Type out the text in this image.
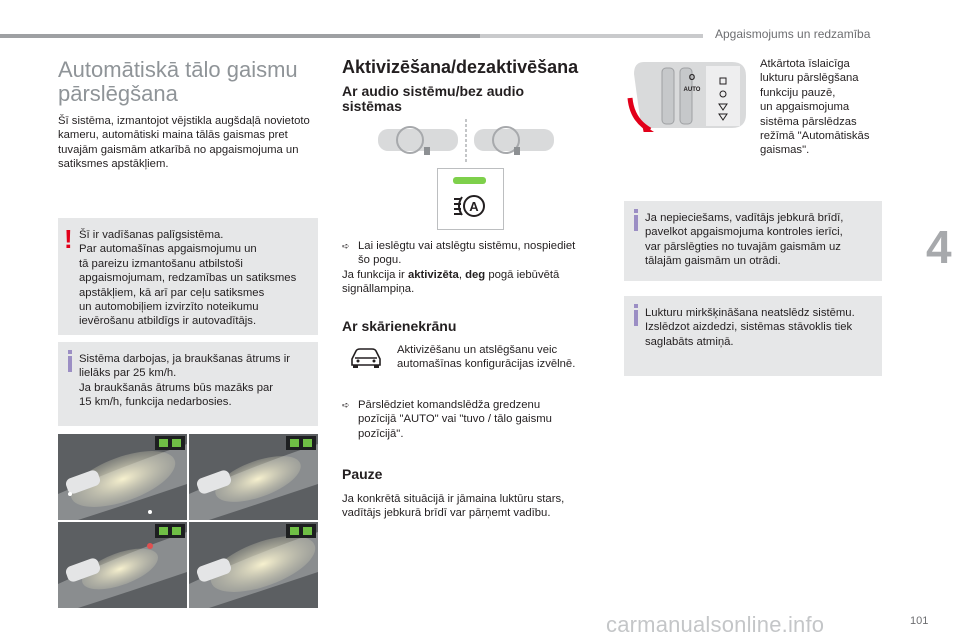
Apgaismojums un redzamība
4
101
carmanualsonline.info
Automātiskā tālo gaismu pārslēgšana
Šī sistēma, izmantojot vējstikla augšdaļā novietoto kameru, automātiski maina tālās gaismas pret tuvajām gaismām atkarībā no apgaismojuma un satiksmes apstākļiem.
! Šī ir vadīšanas palīgsistēma.
Par automašīnas apgaismojumu un
tā pareizu izmantošanu atbilstoši
apgaismojumam, redzamības un satiksmes
apstākļiem, kā arī par ceļu satiksmes
un automobiļiem izvirzīto noteikumu
ievērošanu atbildīgs ir autovadītājs.
Sistēma darbojas, ja braukšanas ātrums ir
lielāks par 25 km/h.
Ja braukšanās ātrums būs mazāks par
15 km/h, funkcija nedarbosies.
Aktivizēšana/dezaktivēšana
Ar audio sistēmu/bez audio sistēmas
A
➪ Lai ieslēgtu vai atslēgtu sistēmu, nospiediet
šo pogu.
Ja funkcija ir aktivizēta, deg pogā iebūvētā
signāllampiņa.
Ar skārienekrānu
Aktivizēšanu un atslēgšanu veic
automašīnas konfigurācijas izvēlnē.
➪ Pārslēdziet komandslēdža gredzenu
pozīcijā "AUTO" vai "tuvo / tālo gaismu
pozīcijā".
Pauze
Ja konkrētā situācijā ir jāmaina luktūru stars,
vadītājs jebkurā brīdī var pārņemt vadību.
O
AUTO
Atkārtota īslaicīga
lukturu pārslēgšana
funkciju pauzē,
un apgaismojuma
sistēma pārslēdzas
režīmā "Automātiskās
gaismas".
Ja nepieciešams, vadītājs jebkurā brīdī,
pavelkot apgaismojuma kontroles ierīci,
var pārslēgties no tuvajām gaismām uz
tālajām gaismām un otrādi.
Lukturu mirkšķināšana neatslēdz sistēmu.
Izslēdzot aizdedzi, sistēmas stāvoklis tiek
saglabāts atmiņā.
